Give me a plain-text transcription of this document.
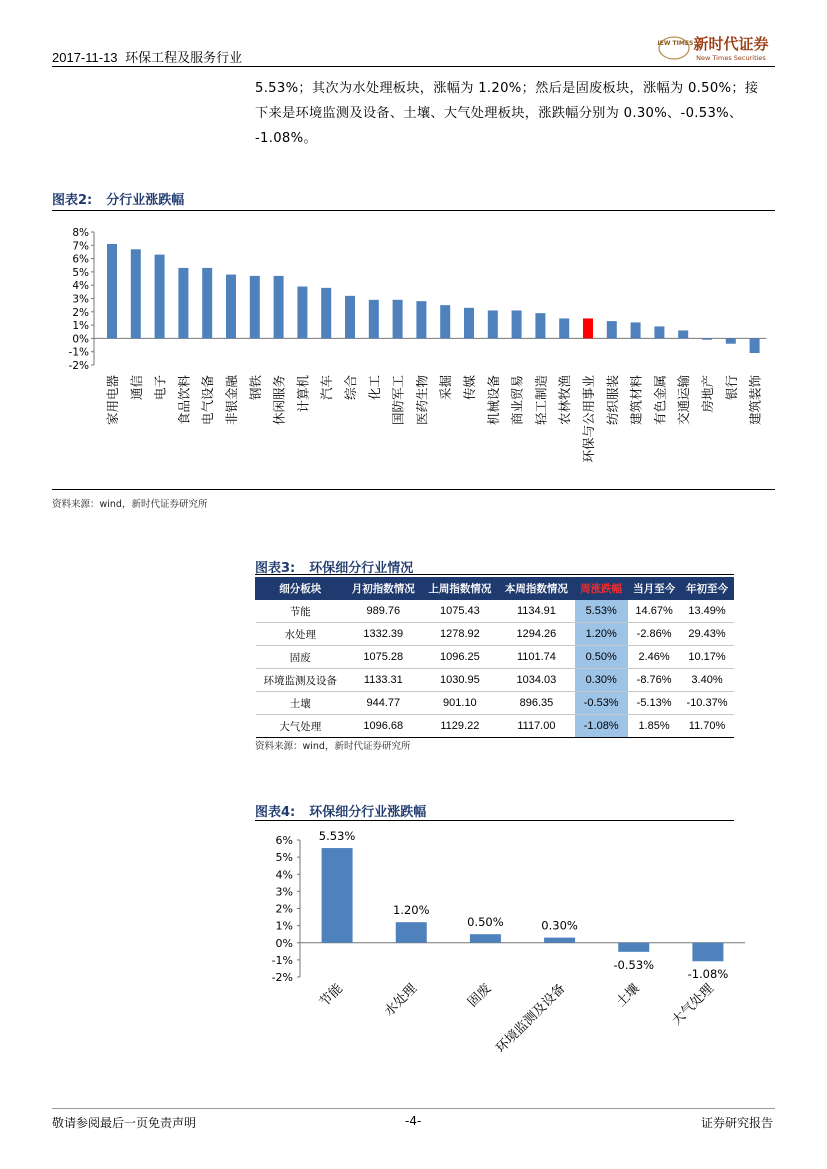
2017-11-13 环保工程及服务行业
NEW TIMES 新时代证券
New Times Securities
5.53%；其次为水处理板块，涨幅为 1.20%；然后是固废板块，涨幅为 0.50%；接
下来是环境监测及设备、土壤、大气处理板块，涨跌幅分别为 0.30%、-0.53%、
-1.08%。
图表2: 分行业涨跌幅
-2%
-1%
0%
1%
2%
3%
4%
5%
6%
7%
8%
家用电器 通信 电子 食品饮料 电气设备 非银金融 钢铁 休闲服务 计算机 汽车 综合 化工 国防军工 医药生物 采掘 传媒 机械设备 商业贸易 轻工制造 农林牧渔 环保与公用事业 纺织服装 建筑材料 有色金属 交通运输 房地产 银行 建筑装饰
资料来源：wind，新时代证券研究所
图表3: 环保细分行业情况
细分板块	月初指数情况	上周指数情况	本周指数情况	周涨跌幅	当月至今	年初至今
节能	989.76	1075.43	1134.91	5.53%	14.67%	13.49%
水处理	1332.39	1278.92	1294.26	1.20%	-2.86%	29.43%
固废	1075.28	1096.25	1101.74	0.50%	2.46%	10.17%
环境监测及设备	1133.31	1030.95	1034.03	0.30%	-8.76%	3.40%
土壤	944.77	901.10	896.35	-0.53%	-5.13%	-10.37%
大气处理	1096.68	1129.22	1117.00	-1.08%	1.85%	11.70%
资料来源：wind，新时代证券研究所
图表4: 环保细分行业涨跌幅
-2%
-1%
0%
1%
2%
3%
4%
5%
6% 5.53%
节能
1.20%
水处理
0.50%
固废
0.30%
环境监测及设备
-0.53%
土壤
-1.08%
大气处理
敬请参阅最后一页免责声明	-4-	证券研究报告
